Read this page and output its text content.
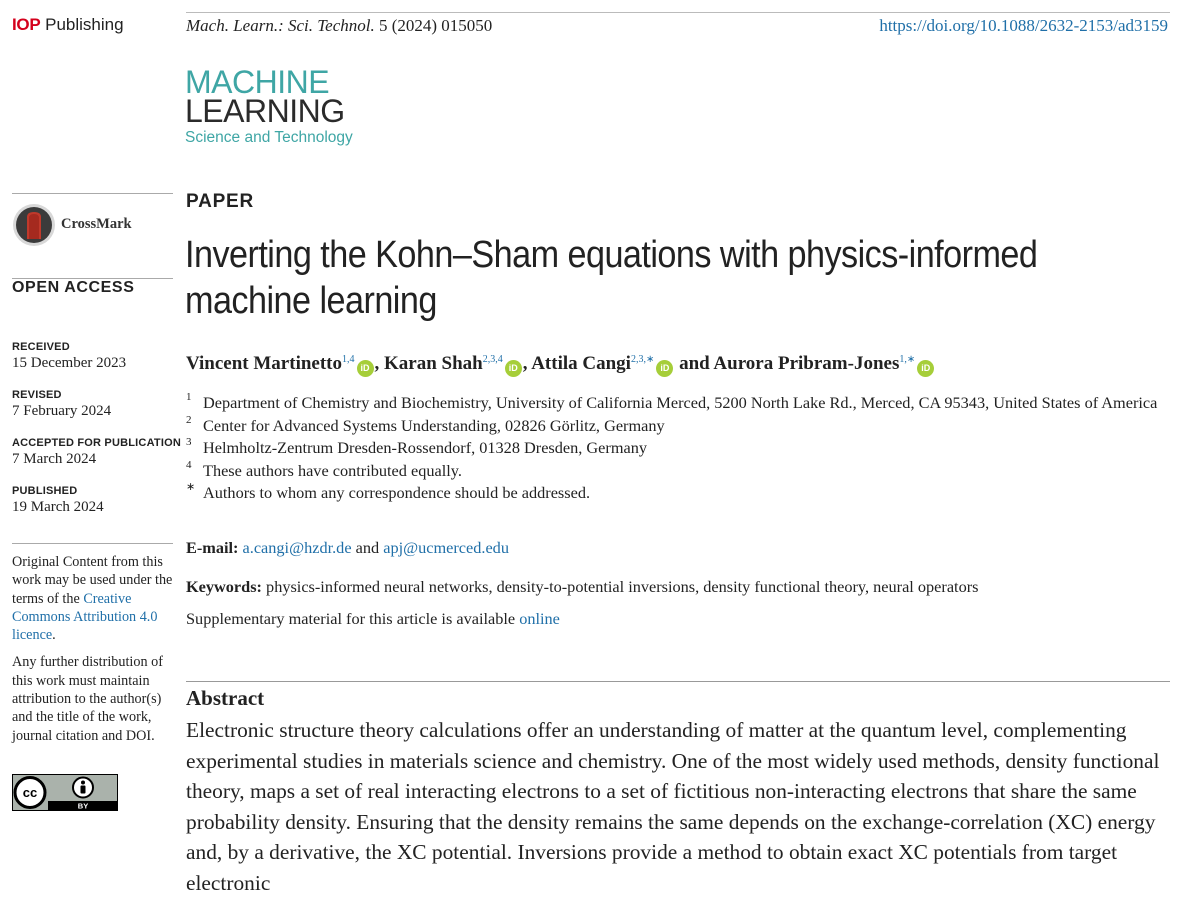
IOP Publishing	Mach. Learn.: Sci. Technol. 5 (2024) 015050	https://doi.org/10.1088/2632-2153/ad3159
MACHINE
LEARNING
Science and Technology
CrossMark
OPEN ACCESS
RECEIVED
15 December 2023
REVISED
7 February 2024
ACCEPTED FOR PUBLICATION
7 March 2024
PUBLISHED
19 March 2024

Original Content from this work may be used under the terms of the Creative Commons Attribution 4.0 licence.

Any further distribution of this work must maintain attribution to the author(s) and the title of the work, journal citation and DOI.

cc
BY
PAPER
Inverting the Kohn–Sham equations with physics-informed machine learning
Vincent Martinetto$^{1,4}$iD , Karan Shah$^{2,3,4}$iD , Attila Cangi$^{2,3,∗}$iD and Aurora Pribram-Jones$^{1,∗}$iD
1 Department of Chemistry and Biochemistry, University of California Merced, 5200 North Lake Rd., Merced, CA 95343, United States of America
2 Center for Advanced Systems Understanding, 02826 Görlitz, Germany
3 Helmholtz-Zentrum Dresden-Rossendorf, 01328 Dresden, Germany
4 These authors have contributed equally.
∗ Authors to whom any correspondence should be addressed.
E-mail: a.cangi@hzdr.de and apj@ucmerced.edu
Keywords: physics-informed neural networks, density-to-potential inversions, density functional theory, neural operators
Supplementary material for this article is available online
Abstract
Electronic structure theory calculations offer an understanding of matter at the quantum level, complementing experimental studies in materials science and chemistry. One of the most widely used methods, density functional theory, maps a set of real interacting electrons to a set of fictitious non-interacting electrons that share the same probability density. Ensuring that the density remains the same depends on the exchange-correlation (XC) energy and, by a derivative, the XC potential. Inversions provide a method to obtain exact XC potentials from target electronic
